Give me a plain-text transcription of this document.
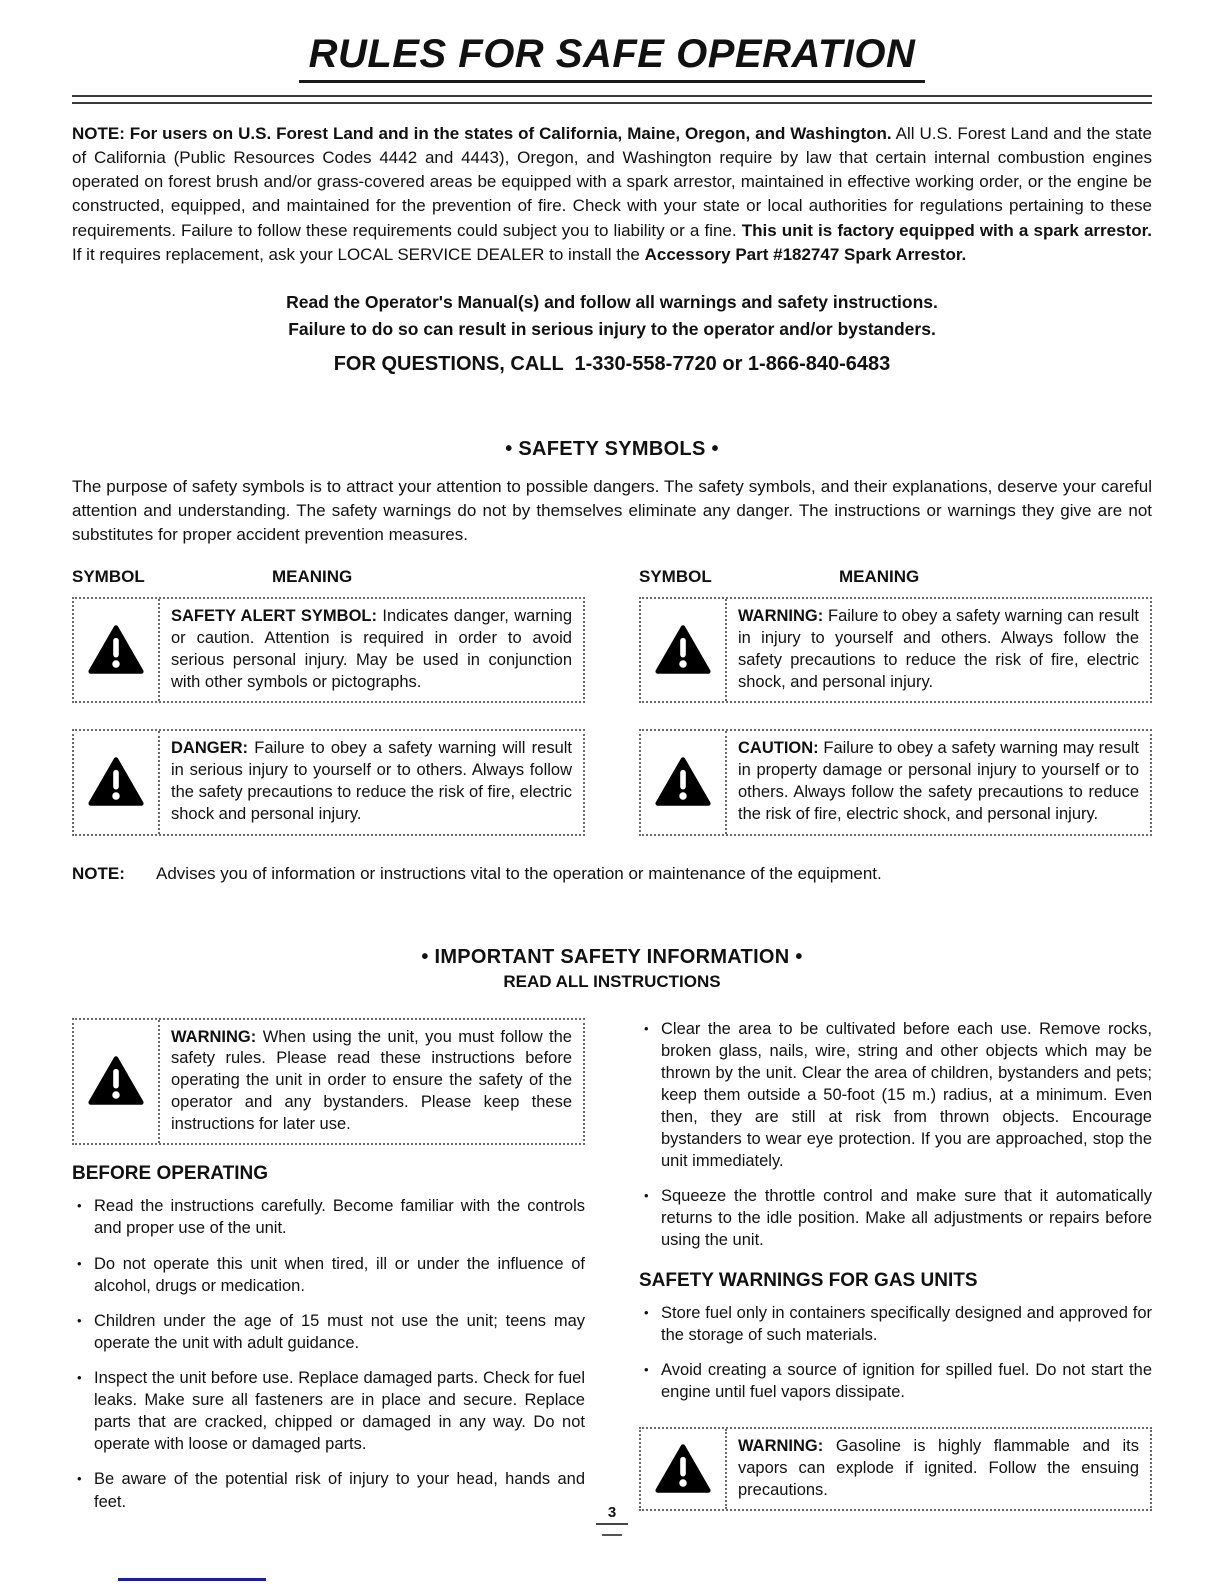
RULES FOR SAFE OPERATION

NOTE: For users on U.S. Forest Land and in the states of California, Maine, Oregon, and Washington. All U.S. Forest Land and the state of California (Public Resources Codes 4442 and 4443), Oregon, and Washington require by law that certain internal combustion engines operated on forest brush and/or grass-covered areas be equipped with a spark arrestor, maintained in effective working order, or the engine be constructed, equipped, and maintained for the prevention of fire. Check with your state or local authorities for regulations pertaining to these requirements. Failure to follow these requirements could subject you to liability or a fine. This unit is factory equipped with a spark arrestor. If it requires replacement, ask your LOCAL SERVICE DEALER to install the Accessory Part #182747 Spark Arrestor.

Read the Operator's Manual(s) and follow all warnings and safety instructions.
Failure to do so can result in serious injury to the operator and/or bystanders.
FOR QUESTIONS, CALL  1-330-558-7720 or 1-866-840-6483
• SAFETY SYMBOLS •

The purpose of safety symbols is to attract your attention to possible dangers. The safety symbols, and their explanations, deserve your careful attention and understanding. The safety warnings do not by themselves eliminate any danger. The instructions or warnings they give are not substitutes for proper accident prevention measures.

SYMBOL	MEANING
SAFETY ALERT SYMBOL: Indicates danger, warning or caution. Attention is required in order to avoid serious personal injury. May be used in conjunction with other symbols or pictographs.
DANGER: Failure to obey a safety warning will result in serious injury to yourself or to others. Always follow the safety precautions to reduce the risk of fire, electric shock and personal injury.
SYMBOL	MEANING
WARNING: Failure to obey a safety warning can result in injury to yourself and others. Always follow the safety precautions to reduce the risk of fire, electric shock, and personal injury.
CAUTION: Failure to obey a safety warning may result in property damage or personal injury to yourself or to others. Always follow the safety precautions to reduce the risk of fire, electric shock, and personal injury.
NOTE:	Advises you of information or instructions vital to the operation or maintenance of the equipment.
• IMPORTANT SAFETY INFORMATION •
READ ALL INSTRUCTIONS
WARNING: When using the unit, you must follow the safety rules. Please read these instructions before operating the unit in order to ensure the safety of the operator and any bystanders. Please keep these instructions for later use.
BEFORE OPERATING
• Read the instructions carefully. Become familiar with the controls and proper use of the unit.
• Do not operate this unit when tired, ill or under the influence of alcohol, drugs or medication.
• Children under the age of 15 must not use the unit; teens may operate the unit with adult guidance.
• Inspect the unit before use. Replace damaged parts. Check for fuel leaks. Make sure all fasteners are in place and secure. Replace parts that are cracked, chipped or damaged in any way. Do not operate with loose or damaged parts.
• Be aware of the potential risk of injury to your head, hands and feet.
• Clear the area to be cultivated before each use. Remove rocks, broken glass, nails, wire, string and other objects which may be thrown by the unit. Clear the area of children, bystanders and pets; keep them outside a 50-foot (15 m.) radius, at a minimum. Even then, they are still at risk from thrown objects. Encourage bystanders to wear eye protection. If you are approached, stop the unit immediately.
• Squeeze the throttle control and make sure that it automatically returns to the idle position. Make all adjustments or repairs before using the unit.
SAFETY WARNINGS FOR GAS UNITS
• Store fuel only in containers specifically designed and approved for the storage of such materials.
• Avoid creating a source of ignition for spilled fuel. Do not start the engine until fuel vapors dissipate.
WARNING: Gasoline is highly flammable and its vapors can explode if ignited. Follow the ensuing precautions.
3
